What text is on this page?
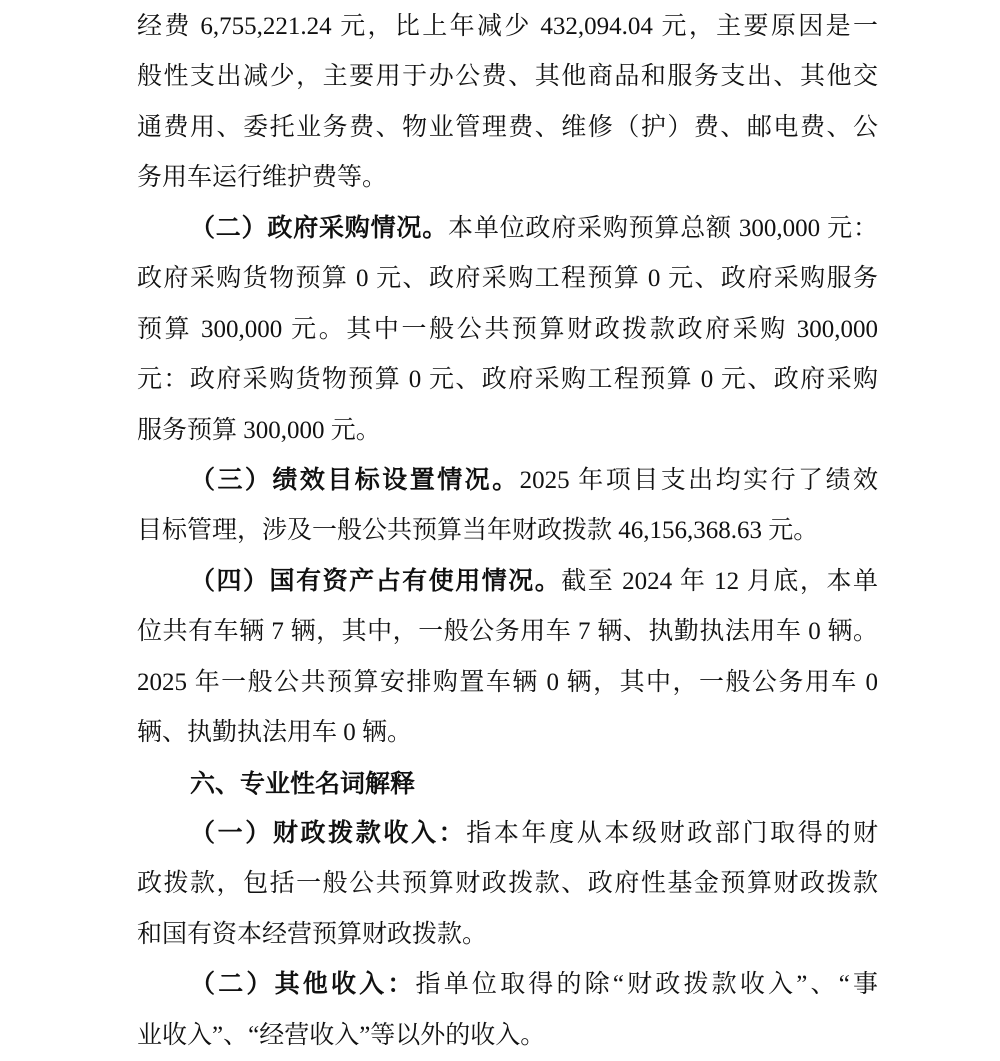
经费 6,755,221.24 元，比上年减少 432,094.04 元，主要原因是一
般性支出减少，主要用于办公费、其他商品和服务支出、其他交
通费用、委托业务费、物业管理费、维修（护）费、邮电费、公
务用车运行维护费等。
（二）政府采购情况。本单位政府采购预算总额 300,000 元：
政府采购货物预算 0 元、政府采购工程预算 0 元、政府采购服务
预算 300,000 元。其中一般公共预算财政拨款政府采购 300,000
元：政府采购货物预算 0 元、政府采购工程预算 0 元、政府采购
服务预算 300,000 元。
（三）绩效目标设置情况。2025 年项目支出均实行了绩效
目标管理，涉及一般公共预算当年财政拨款 46,156,368.63 元。
（四）国有资产占有使用情况。截至 2024 年 12 月底，本单
位共有车辆 7 辆，其中，一般公务用车 7 辆、执勤执法用车 0 辆。
2025 年一般公共预算安排购置车辆 0 辆，其中，一般公务用车 0
辆、执勤执法用车 0 辆。
六、专业性名词解释
（一）财政拨款收入：指本年度从本级财政部门取得的财
政拨款，包括一般公共预算财政拨款、政府性基金预算财政拨款
和国有资本经营预算财政拨款。
（二）其他收入：指单位取得的除“财政拨款收入”、“事
业收入”、“经营收入”等以外的收入。
